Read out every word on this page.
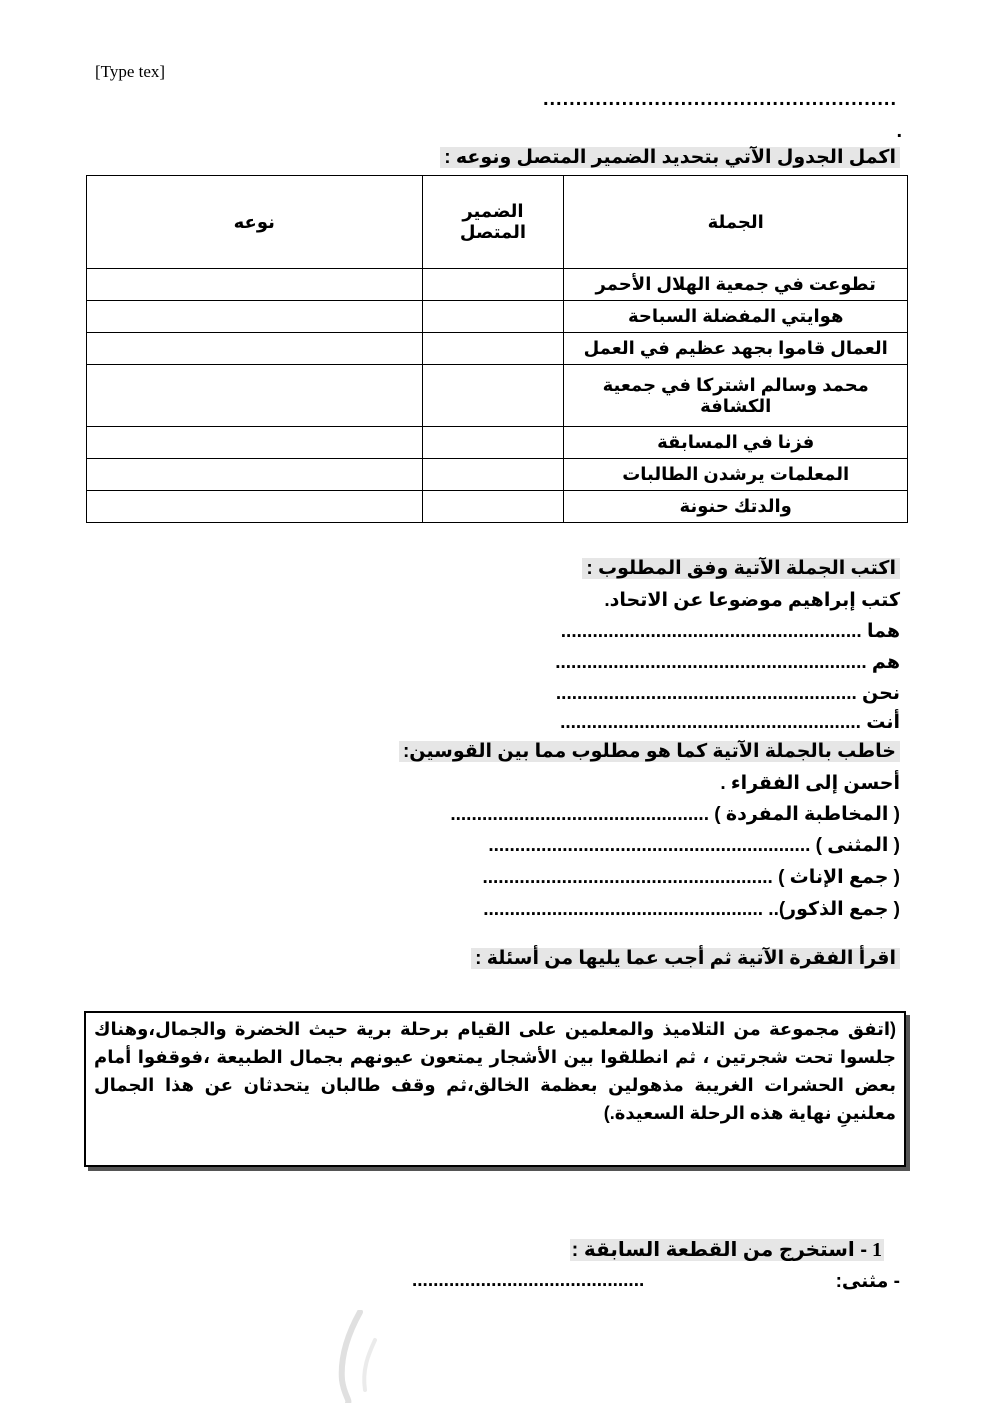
[Type tex]
......................................................
.
اكمل الجدول الآتي بتحديد الضمير المتصل ونوعه :
الجملة	الضمير المتصل	نوعه
تطوعت في جمعية الهلال الأحمر		
هوايتي المفضلة السباحة		
العمال قاموا بجهد عظيم في العمل		
محمد وسالم اشتركا في جمعية الكشافة		
فزنا في المسابقة		
المعلمات يرشدن الطالبات		
والدتك حنونة		
اكتب الجملة الآتية وفق المطلوب :
كتب إبراهيم موضوعا عن الاتحاد.
هما .........................................................
هم ...........................................................
نحن .........................................................
أنت .........................................................
خاطب بالجملة الآتية كما هو مطلوب مما بين القوسين:
أحسن إلى الفقراء .
( المخاطبة المفردة ) .................................................
( المثنى ) .............................................................
( جمع الإناث ) .......................................................
( جمع الذكور).. .....................................................
اقرأ الفقرة الآتية ثم أجب عما يليها من أسئلة :
(اتفق مجموعة من التلاميذ والمعلمين على القيام برحلة برية حيث الخضرة والجمال،وهناك جلسوا تحت شجرتين ، ثم انطلقوا بين الأشجار يمتعون عيونهم بجمال الطبيعة ،فوقفوا أمام بعض الحشرات الغريبة مذهولين بعظمة الخالق،ثم وقف طالبان يتحدثان عن هذا الجمال معلنينِ نهاية هذه الرحلة السعيدة.)
1 - استخرج من القطعة السابقة :
- مثنى:
............................................
